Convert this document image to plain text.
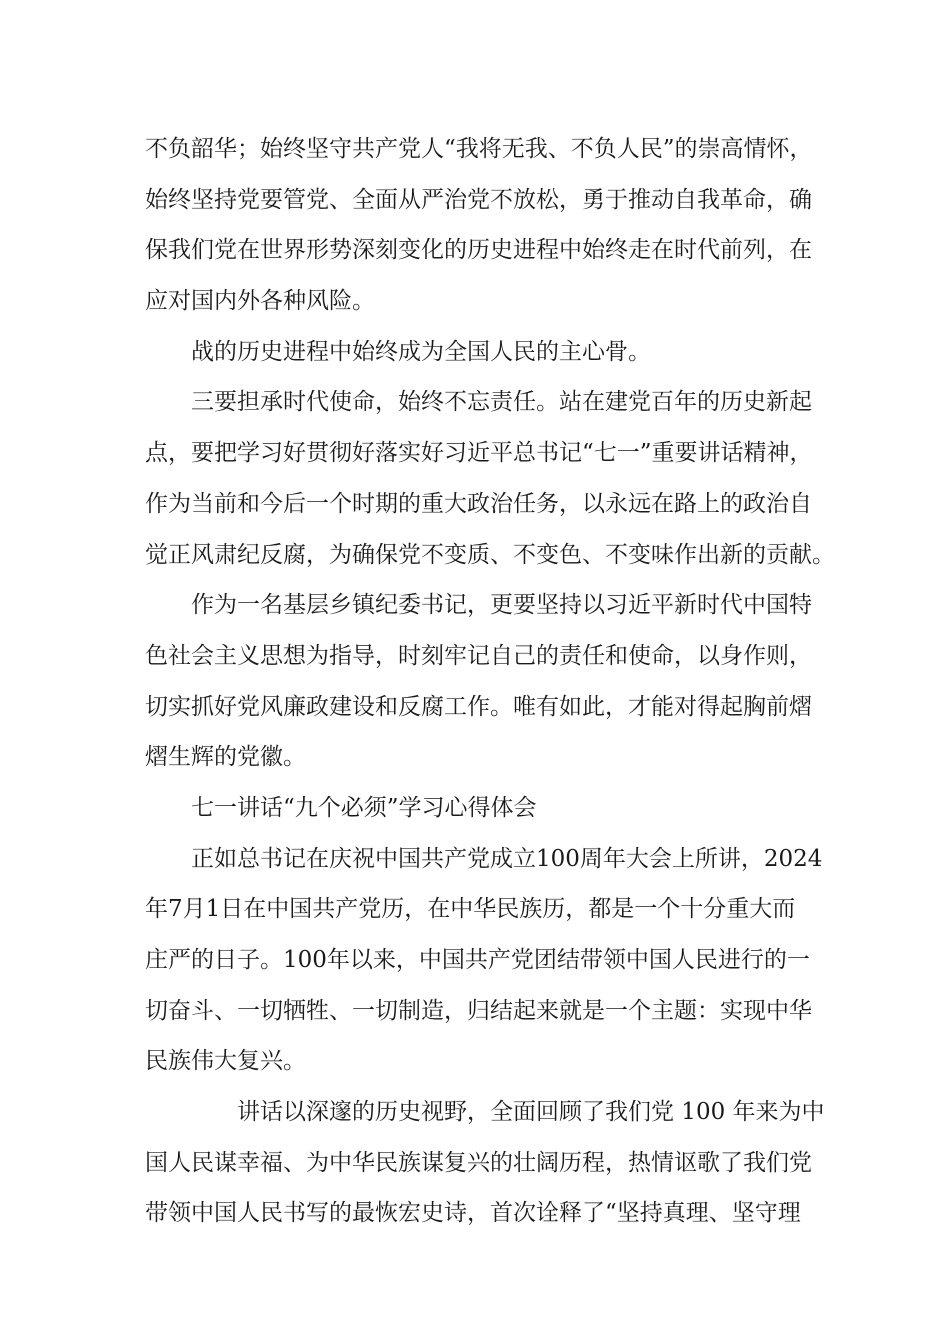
不负韶华；始终坚守共产党人“我将无我、不负人民”的崇高情怀，
始终坚持党要管党、全面从严治党不放松，勇于推动自我革命，确
保我们党在世界形势深刻变化的历史进程中始终走在时代前列，在
应对国内外各种风险。
战的历史进程中始终成为全国人民的主心骨。
三要担承时代使命，始终不忘责任。站在建党百年的历史新起
点，要把学习好贯彻好落实好习近平总书记“七一”重要讲话精神，
作为当前和今后一个时期的重大政治任务，以永远在路上的政治自
觉正风肃纪反腐，为确保党不变质、不变色、不变味作出新的贡献。
作为一名基层乡镇纪委书记，更要坚持以习近平新时代中国特
色社会主义思想为指导，时刻牢记自己的责任和使命，以身作则，
切实抓好党风廉政建设和反腐工作。唯有如此，才能对得起胸前熠
熠生辉的党徽。
七一讲话“九个必须”学习心得体会
正如总书记在庆祝中国共产党成立100周年大会上所讲，2024
年7月1日在中国共产党历，在中华民族历，都是一个十分重大而
庄严的日子。100年以来，中国共产党团结带领中国人民进行的一
切奋斗、一切牺牲、一切制造，归结起来就是一个主题：实现中华
民族伟大复兴。
讲话以深邃的历史视野，全面回顾了我们党 100 年来为中
国人民谋幸福、为中华民族谋复兴的壮阔历程，热情讴歌了我们党
带领中国人民书写的最恢宏史诗，首次诠释了“坚持真理、坚守理
